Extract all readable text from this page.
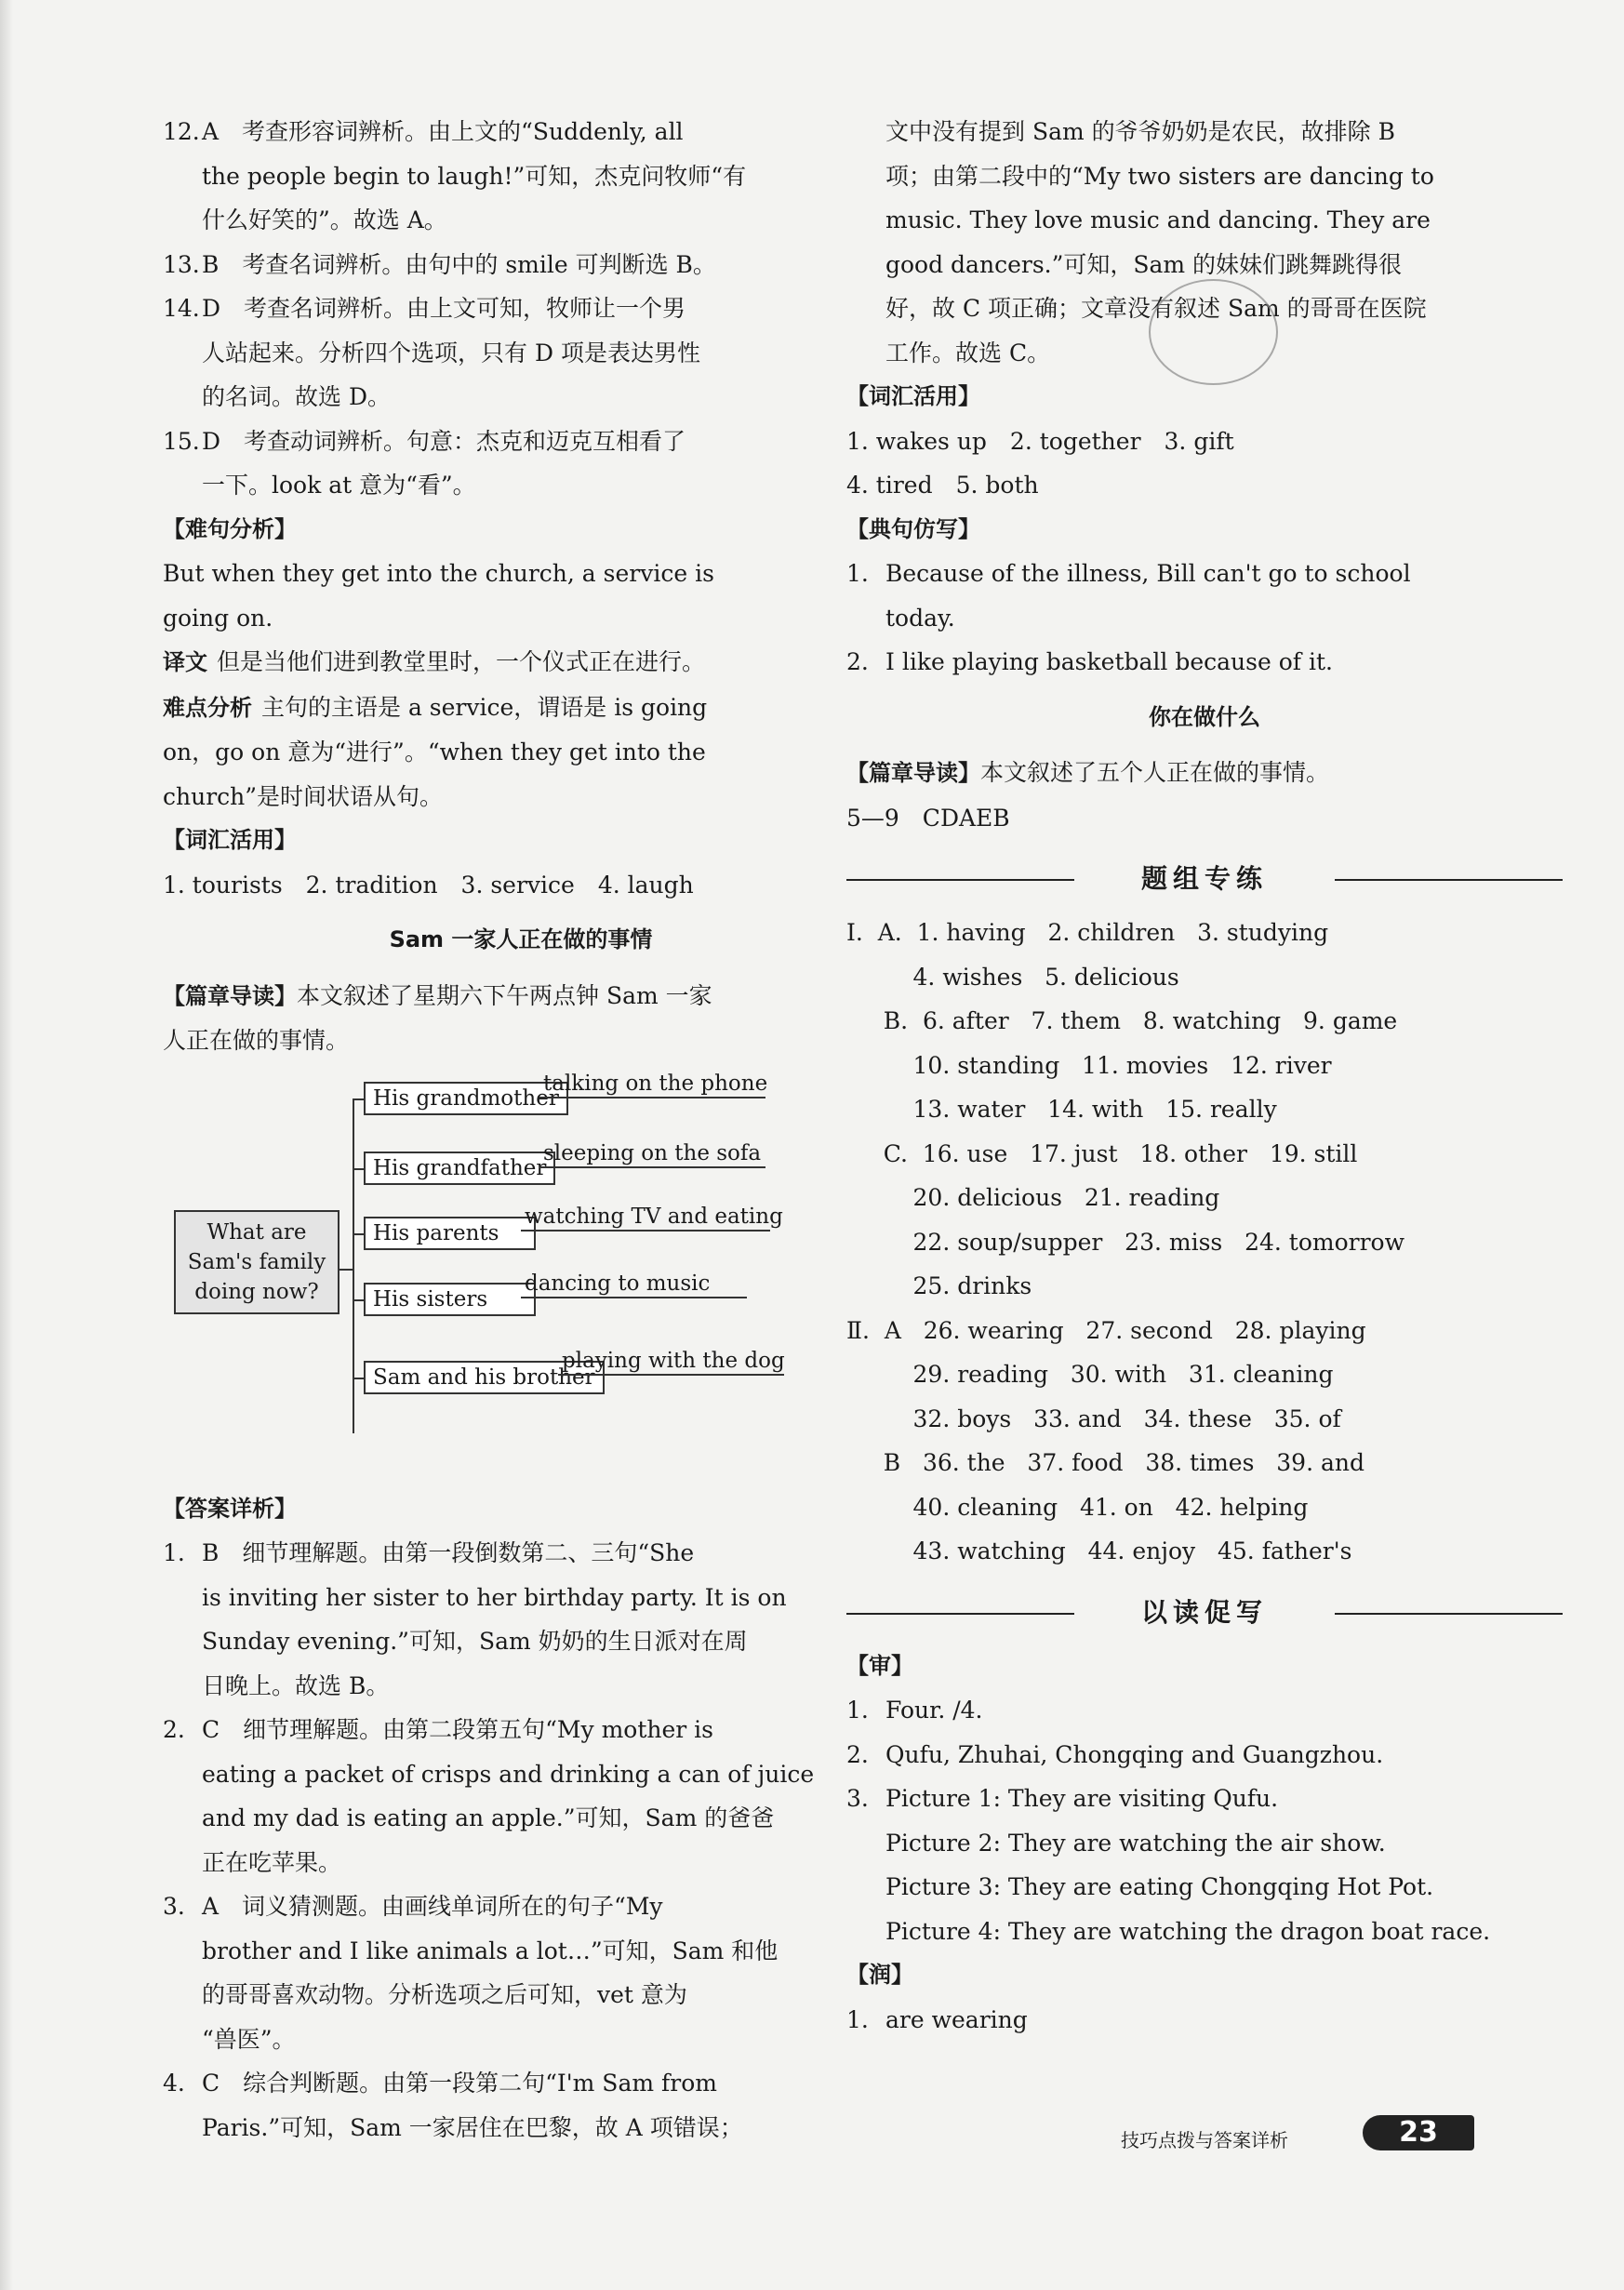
12. A　考查形容词辨析。由上文的“Suddenly, all

the people begin to laugh!”可知，杰克问牧师“有

什么好笑的”。故选 A。

13. B　考查名词辨析。由句中的 smile 可判断选 B。

14. D　考查名词辨析。由上文可知，牧师让一个男

人站起来。分析四个选项，只有 D 项是表达男性

的名词。故选 D。

15. D　考查动词辨析。句意：杰克和迈克互相看了

一下。look at 意为“看”。

【难句分析】

But when they get into the church, a service is

going on.

译文 但是当他们进到教堂里时，一个仪式正在进行。

难点分析 主句的主语是 a service，谓语是 is going

on，go on 意为“进行”。“when they get into the

church”是时间状语从句。

【词汇活用】

1. tourists　2. tradition　3. service　4. laugh

Sam 一家人正在做的事情

【篇章导读】本文叙述了星期六下午两点钟 Sam 一家

人正在做的事情。

What are Sam's family doing now?
His grandmother
talking on the phone
His grandfather
sleeping on the sofa
His parents
watching TV and eating
His sisters
dancing to music
Sam and his brother
playing with the dog

【答案详析】

1. B　细节理解题。由第一段倒数第二、三句“She

is inviting her sister to her birthday party. It is on

Sunday evening.”可知，Sam 奶奶的生日派对在周

日晚上。故选 B。

2. C　细节理解题。由第二段第五句“My mother is

eating a packet of crisps and drinking a can of juice

and my dad is eating an apple.”可知，Sam 的爸爸

正在吃苹果。

3. A　词义猜测题。由画线单词所在的句子“My

brother and I like animals a lot…”可知，Sam 和他

的哥哥喜欢动物。分析选项之后可知，vet 意为

“兽医”。

4. C　综合判断题。由第一段第二句“I'm Sam from

Paris.”可知，Sam 一家居住在巴黎，故 A 项错误；

文中没有提到 Sam 的爷爷奶奶是农民，故排除 B

项；由第二段中的“My two sisters are dancing to

music. They love music and dancing. They are

good dancers.”可知，Sam 的妹妹们跳舞跳得很

好，故 C 项正确；文章没有叙述 Sam 的哥哥在医院

工作。故选 C。

【词汇活用】

1. wakes up　2. together　3. gift

4. tired　5. both

【典句仿写】

1. Because of the illness, Bill can't go to school

today.

2. I like playing basketball because of it.

你在做什么

【篇章导读】本文叙述了五个人正在做的事情。

5—9　CDAEB

题组专练

Ⅰ.  A.  1. having   2. children   3. studying

4. wishes   5. delicious

B.  6. after   7. them   8. watching   9. game

10. standing   11. movies   12. river

13. water   14. with   15. really

C.  16. use   17. just   18. other   19. still

20. delicious   21. reading

22. soup/supper   23. miss   24. tomorrow

25. drinks

Ⅱ.  A   26. wearing   27. second   28. playing

29. reading   30. with   31. cleaning

32. boys   33. and   34. these   35. of

B   36. the   37. food   38. times   39. and

40. cleaning   41. on   42. helping

43. watching   44. enjoy   45. father's

以读促写

【审】

1. Four. /4.

2. Qufu, Zhuhai, Chongqing and Guangzhou.

3. Picture 1: They are visiting Qufu.

Picture 2: They are watching the air show.

Picture 3: They are eating Chongqing Hot Pot.

Picture 4: They are watching the dragon boat race.

【润】

1. are wearing

技巧点拨与答案详析	23
